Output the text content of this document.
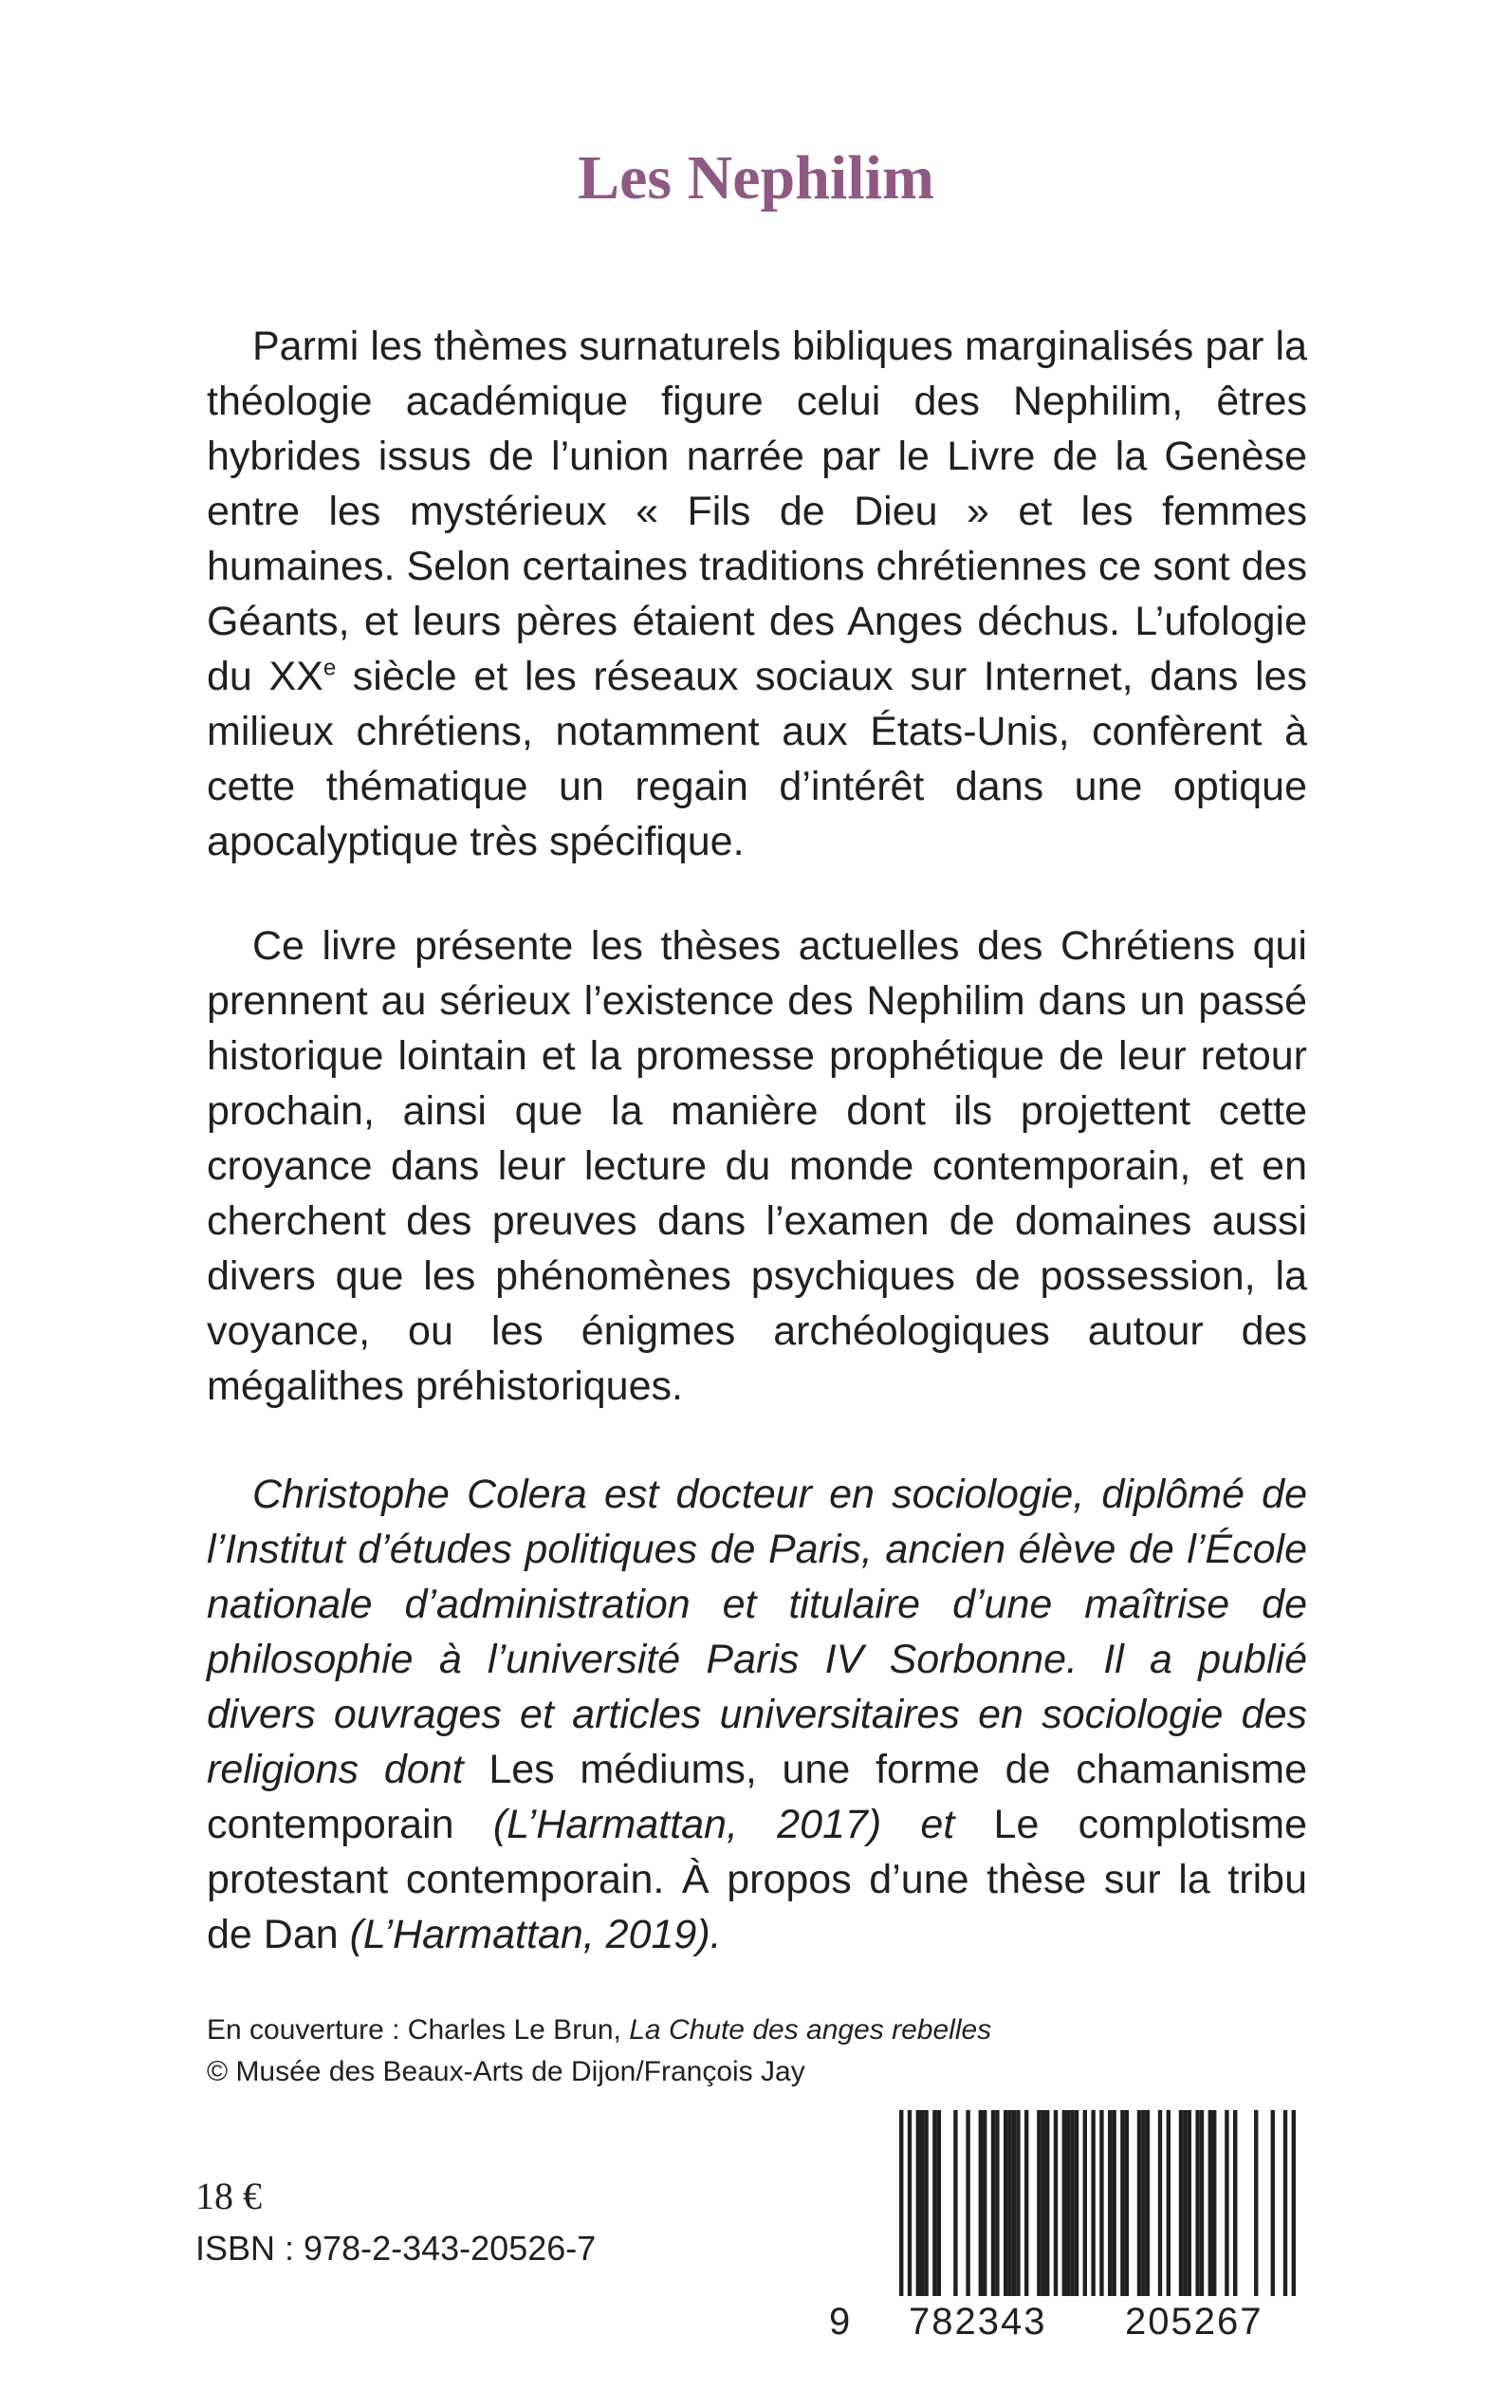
Les Nephilim

Parmi les thèmes surnaturels bibliques marginalisés par la théologie académique figure celui des Nephilim, êtres hybrides issus de l’union narrée par le Livre de la Genèse entre les mystérieux « Fils de Dieu » et les femmes humaines. Selon certaines traditions chrétiennes ce sont des Géants, et leurs pères étaient des Anges déchus. L’ufologie du XXe siècle et les réseaux sociaux sur Internet, dans les milieux chrétiens, notamment aux États-Unis, confèrent à cette thématique un regain d’intérêt dans une optique apocalyptique très spécifique.

Ce livre présente les thèses actuelles des Chrétiens qui prennent au sérieux l’existence des Nephilim dans un passé historique lointain et la promesse prophétique de leur retour prochain, ainsi que la manière dont ils projettent cette croyance dans leur lecture du monde contemporain, et en cherchent des preuves dans l’examen de domaines aussi divers que les phénomènes psychiques de possession, la voyance, ou les énigmes archéologiques autour des mégalithes préhistoriques.

Christophe Colera est docteur en sociologie, diplômé de l’Institut d’études politiques de Paris, ancien élève de l’École nationale d’administration et titulaire d’une maîtrise de philosophie à l’université Paris IV Sorbonne. Il a publié divers ouvrages et articles universitaires en sociologie des religions dont Les médiums, une forme de chamanisme contemporain (L’Harmattan, 2017) et Le complotisme protestant contemporain. À propos d’une thèse sur la tribu de Dan (L’Harmattan, 2019).

En couverture : Charles Le Brun, La Chute des anges rebelles
© Musée des Beaux-Arts de Dijon/François Jay
18 €
ISBN : 978-2-343-20526-7
9 782343 205267
